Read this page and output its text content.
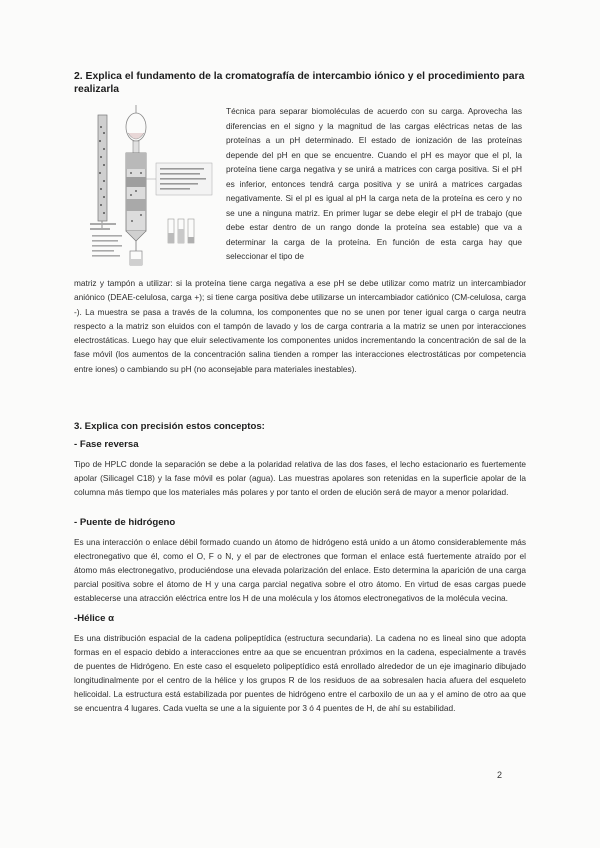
2. Explica el fundamento de la cromatografía de intercambio iónico y el procedimiento para realizarla
Técnica para separar biomoléculas de acuerdo con su carga. Aprovecha las diferencias en el signo y la magnitud de las cargas eléctricas netas de las proteínas a un pH determinado. El estado de ionización de las proteínas depende del pH en que se encuentre. Cuando el pH es mayor que el pI, la proteína tiene carga negativa y se unirá a matrices con carga positiva. Si el pH es inferior, entonces tendrá carga positiva y se unirá a matrices cargadas negativamente. Si el pI es igual al pH la carga neta de la proteína es cero y no se une a ninguna matriz. En primer lugar se debe elegir el pH de trabajo (que debe estar dentro de un rango donde la proteína sea estable) que va a determinar la carga de la proteína. En función de esta carga hay que seleccionar el tipo de
matriz y tampón a utilizar: si la proteína tiene carga negativa a ese pH se debe utilizar como matriz un intercambiador aniónico (DEAE-celulosa, carga +); si tiene carga positiva debe utilizarse un intercambiador catiónico (CM-celulosa, carga -). La muestra se pasa a través de la columna, los componentes que no se unen por tener igual carga o carga neutra respecto a la matriz son eluidos con el tampón de lavado y los de carga contraria a la matriz se unen por interacciones electrostáticas. Luego hay que eluir selectivamente los componentes unidos incrementando la concentración de sal de la fase móvil (los aumentos de la concentración salina tienden a romper las interacciones electrostáticas por competencia entre iones) o cambiando su pH (no aconsejable para materiales inestables).
3. Explica con precisión estos conceptos:
- Fase reversa
Tipo de HPLC donde la separación se debe a la polaridad relativa de las dos fases, el lecho estacionario es fuertemente apolar (Silicagel C18) y la fase móvil es polar (agua). Las muestras apolares son retenidas en la superficie apolar de la columna más tiempo que los materiales más polares y por tanto el orden de elución será de mayor a menor polaridad.
- Puente de hidrógeno
Es una interacción o enlace débil formado cuando un átomo de hidrógeno está unido a un átomo considerablemente más electronegativo que él, como el O, F o N, y el par de electrones que forman el enlace está fuertemente atraído por el átomo más electronegativo, produciéndose una elevada polarización del enlace. Esto determina la aparición de una carga parcial positiva sobre el átomo de H y una carga parcial negativa sobre el otro átomo. En virtud de esas cargas puede establecerse una atracción eléctrica entre los H de una molécula y los átomos electronegativos de la molécula vecina.
-Hélice α
Es una distribución espacial de la cadena polipeptídica (estructura secundaria). La cadena no es lineal sino que adopta formas en el espacio debido a interacciones entre aa que se encuentran próximos en la cadena, especialmente a través de puentes de Hidrógeno. En este caso el esqueleto polipeptídico está enrollado alrededor de un eje imaginario dibujado longitudinalmente por el centro de la hélice y los grupos R de los residuos de aa sobresalen hacia afuera del esqueleto helicoidal. La estructura está estabilizada por puentes de hidrógeno entre el carboxilo de un aa y el amino de otro aa que se encuentra 4 lugares. Cada vuelta se une a la siguiente por 3 ó 4 puentes de H, de ahí su estabilidad.
2
